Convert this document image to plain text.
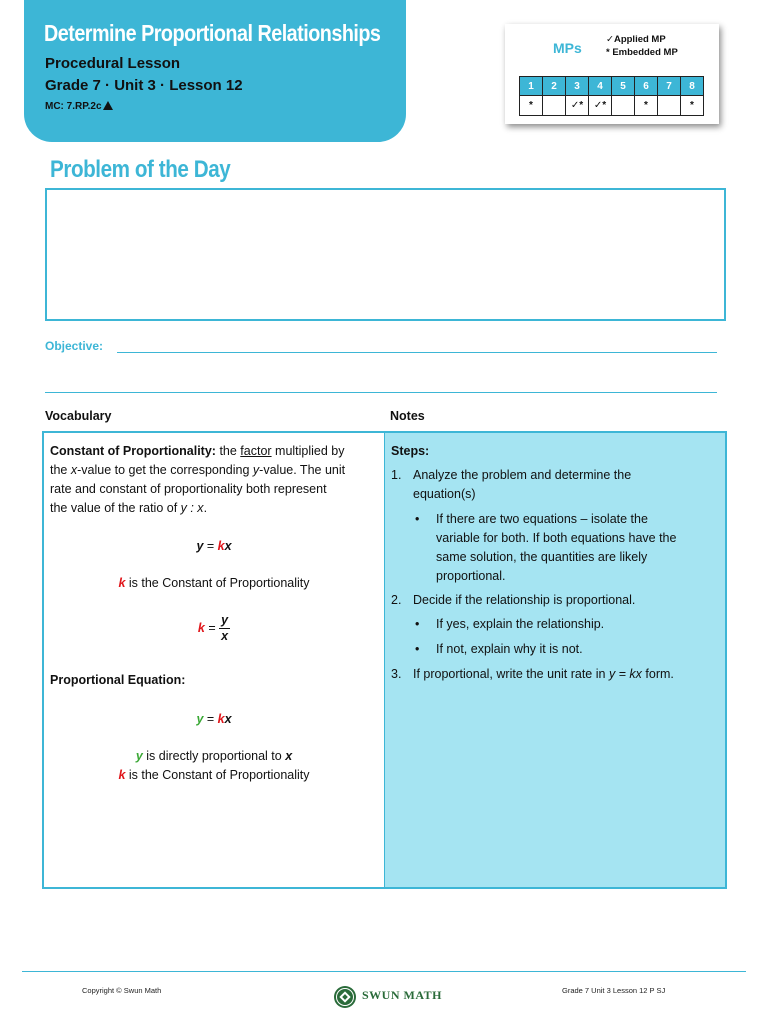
Determine Proportional Relationships
Procedural Lesson
Grade 7 · Unit 3 · Lesson 12
MC: 7.RP.2c
MPs
✓Applied MP
* Embedded MP
1	2	3	4	5	6	7	8
*		✓*	✓*		*		*
Problem of the Day
Objective:
Vocabulary	Notes
Constant of Proportionality: the factor multiplied by
the x-value to get the corresponding y-value. The unit
rate and constant of proportionality both represent
the value of the ratio of y : x.
y = kx
k is the Constant of Proportionality
$k = \frac{y}{x}$
Proportional Equation:
y = kx
y is directly proportional to x
k is the Constant of Proportionality
Steps:
1. Analyze the problem and determine the
equation(s)
• If there are two equations – isolate the
variable for both. If both equations have the
same solution, the quantities are likely
proportional.
2. Decide if the relationship is proportional.
• If yes, explain the relationship.
• If not, explain why it is not.
3. If proportional, write the unit rate in y = kx form.
Copyright © Swun Math	SWUN MATH	Grade 7 Unit 3 Lesson 12 P SJ
